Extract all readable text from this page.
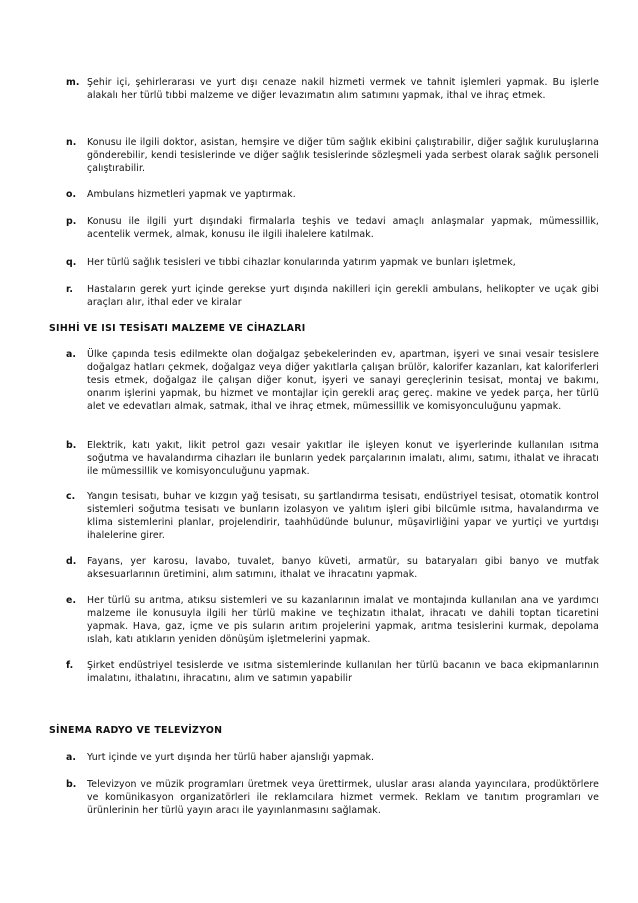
m. Şehir içi, şehirlerarası ve yurt dışı cenaze nakil hizmeti vermek ve tahnit işlemleri yapmak. Bu işlerle alakalı her türlü tıbbi malzeme ve diğer levazımatın alım satımını yapmak, ithal ve ihraç etmek.
n. Konusu ile ilgili doktor, asistan, hemşire ve diğer tüm sağlık ekibini çalıştırabilir, diğer sağlık kuruluşlarına gönderebilir, kendi tesislerinde ve diğer sağlık tesislerinde sözleşmeli yada serbest olarak sağlık personeli çalıştırabilir.
o. Ambulans hizmetleri yapmak ve yaptırmak.
p. Konusu ile ilgili yurt dışındaki firmalarla teşhis ve tedavi amaçlı anlaşmalar yapmak, mümessillik, acentelik vermek, almak, konusu ile ilgili ihalelere katılmak.
q. Her türlü sağlık tesisleri ve tıbbi cihazlar konularında yatırım yapmak ve bunları işletmek,
r. Hastaların gerek yurt içinde gerekse yurt dışında nakilleri için gerekli ambulans, helikopter ve uçak gibi araçları alır, ithal eder ve kiralar
SIHHİ VE ISI TESİSATI MALZEME VE CİHAZLARI
a. Ülke çapında tesis edilmekte olan doğalgaz şebekelerinden ev, apartman, işyeri ve sınai vesair tesislere doğalgaz hatları çekmek, doğalgaz veya diğer yakıtlarla çalışan brülör, kalorifer kazanları, kat kaloriferleri tesis etmek, doğalgaz ile çalışan diğer konut, işyeri ve sanayi gereçlerinin tesisat, montaj ve bakımı, onarım işlerini yapmak, bu hizmet ve montajlar için gerekli araç gereç. makine ve yedek parça, her türlü alet ve edevatları almak, satmak, ithal ve ihraç etmek, mümessillik ve komisyonculuğunu yapmak.
b. Elektrik, katı yakıt, likit petrol gazı vesair yakıtlar ile işleyen konut ve işyerlerinde kullanılan ısıtma soğutma ve havalandırma cihazları ile bunların yedek parçalarının imalatı, alımı, satımı, ithalat ve ihracatı ile mümessillik ve komisyonculuğunu yapmak.
c. Yangın tesisatı, buhar ve kızgın yağ tesisatı, su şartlandırma tesisatı, endüstriyel tesisat, otomatik kontrol sistemleri soğutma tesisatı ve bunların izolasyon ve yalıtım işleri gibi bilcümle ısıtma, havalandırma ve klima sistemlerini planlar, projelendirir, taahhüdünde bulunur, müşavirliğini yapar ve yurtiçi ve yurtdışı ihalelerine girer.
d. Fayans, yer karosu, lavabo, tuvalet, banyo küveti, armatür, su bataryaları gibi banyo ve mutfak aksesuarlarının üretimini, alım satımını, ithalat ve ihracatını yapmak.
e. Her türlü su arıtma, atıksu sistemleri ve su kazanlarının imalat ve montajında kullanılan ana ve yardımcı malzeme ile konusuyla ilgili her türlü makine ve teçhizatın ithalat, ihracatı ve dahili toptan ticaretini yapmak. Hava, gaz, içme ve pis suların arıtım projelerini yapmak, arıtma tesislerini kurmak, depolama ıslah, katı atıkların yeniden dönüşüm işletmelerini yapmak.
f. Şirket endüstriyel tesislerde ve ısıtma sistemlerinde kullanılan her türlü bacanın ve baca ekipmanlarının imalatını, ithalatını, ihracatını, alım ve satımın yapabilir
SİNEMA RADYO VE TELEVİZYON
a. Yurt içinde ve yurt dışında her türlü haber ajanslığı yapmak.
b. Televizyon ve müzik programları üretmek veya ürettirmek, uluslar arası alanda yayıncılara, prodüktörlere ve komünikasyon organizatörleri ile reklamcılara hizmet vermek. Reklam ve tanıtım programları ve ürünlerinin her türlü yayın aracı ile yayınlanmasını sağlamak.
